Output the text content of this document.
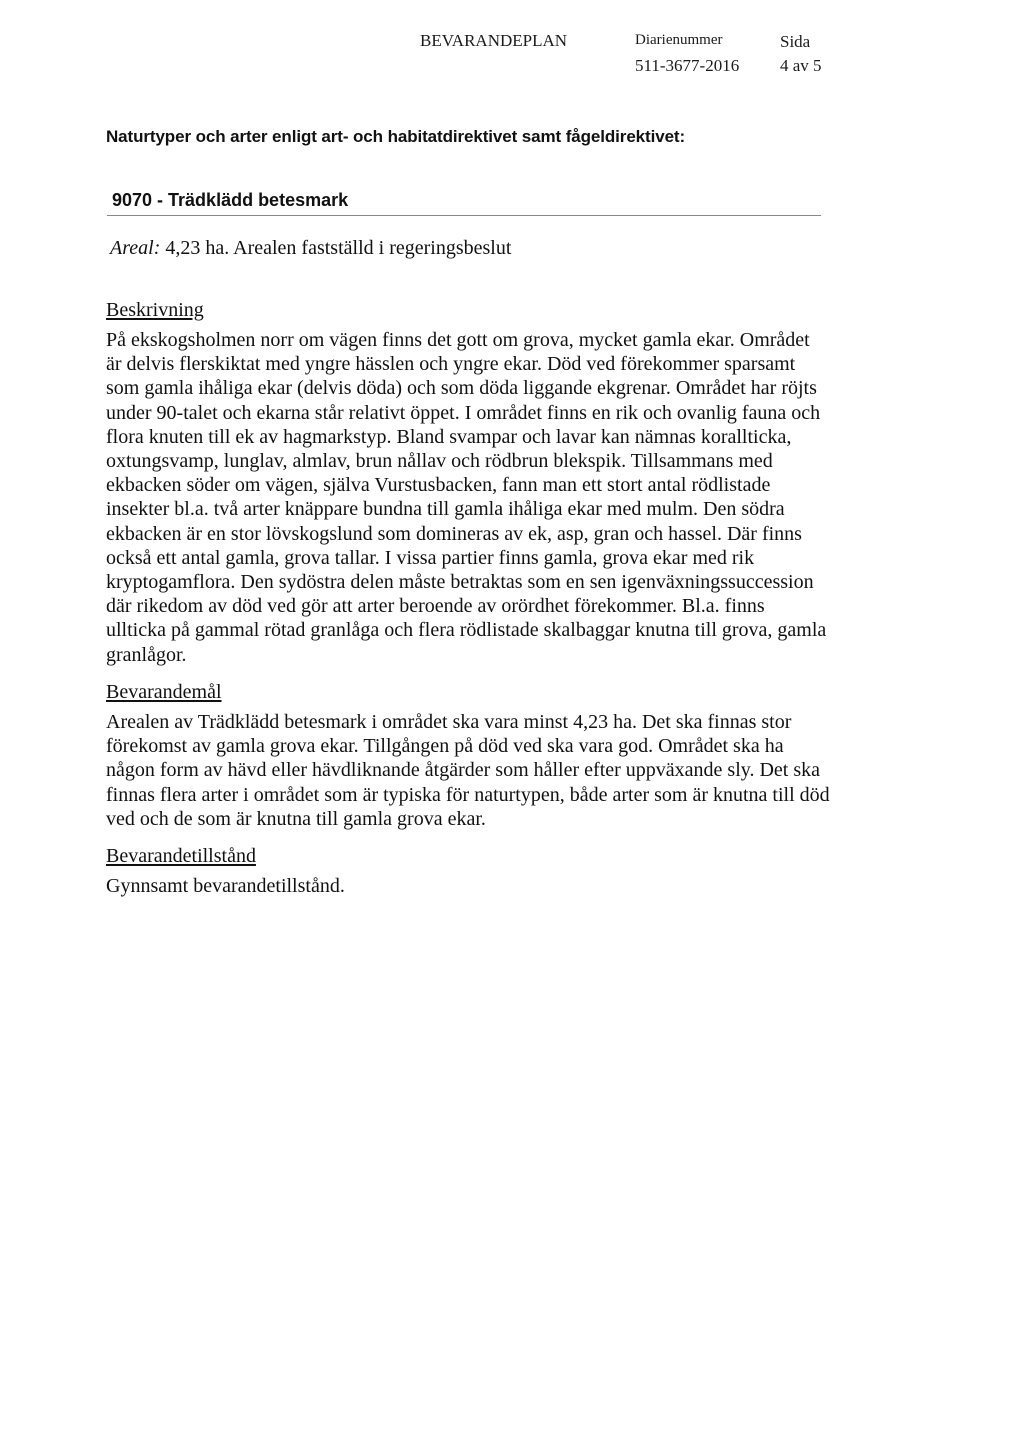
BEVARANDEPLAN	Diarienummer
511-3677-2016
Sida
4 av 5
Naturtyper och arter enligt art- och habitatdirektivet samt fågeldirektivet:
9070 - Trädklädd betesmark
Areal: 4,23 ha. Arealen fastställd i regeringsbeslut
Beskrivning
På ekskogsholmen norr om vägen finns det gott om grova, mycket gamla ekar. Området
är delvis flerskiktat med yngre hässlen och yngre ekar. Död ved förekommer sparsamt
som gamla ihåliga ekar (delvis döda) och som döda liggande ekgrenar. Området har röjts
under 90-talet och ekarna står relativt öppet. I området finns en rik och ovanlig fauna och
flora knuten till ek av hagmarkstyp. Bland svampar och lavar kan nämnas korallticka,
oxtungsvamp, lunglav, almlav, brun nållav och rödbrun blekspik. Tillsammans med
ekbacken söder om vägen, själva Vurstusbacken, fann man ett stort antal rödlistade
insekter bl.a. två arter knäppare bundna till gamla ihåliga ekar med mulm. Den södra
ekbacken är en stor lövskogslund som domineras av ek, asp, gran och hassel. Där finns
också ett antal gamla, grova tallar. I vissa partier finns gamla, grova ekar med rik
kryptogamflora. Den sydöstra delen måste betraktas som en sen igenväxningssuccession
där rikedom av död ved gör att arter beroende av orördhet förekommer. Bl.a. finns
ullticka på gammal rötad granlåga och flera rödlistade skalbaggar knutna till grova, gamla
granlågor.
Bevarandemål
Arealen av Trädklädd betesmark i området ska vara minst 4,23 ha. Det ska finnas stor
förekomst av gamla grova ekar. Tillgången på död ved ska vara god. Området ska ha
någon form av hävd eller hävdliknande åtgärder som håller efter uppväxande sly. Det ska
finnas flera arter i området som är typiska för naturtypen, både arter som är knutna till död
ved och de som är knutna till gamla grova ekar.
Bevarandetillstånd
Gynnsamt bevarandetillstånd.
